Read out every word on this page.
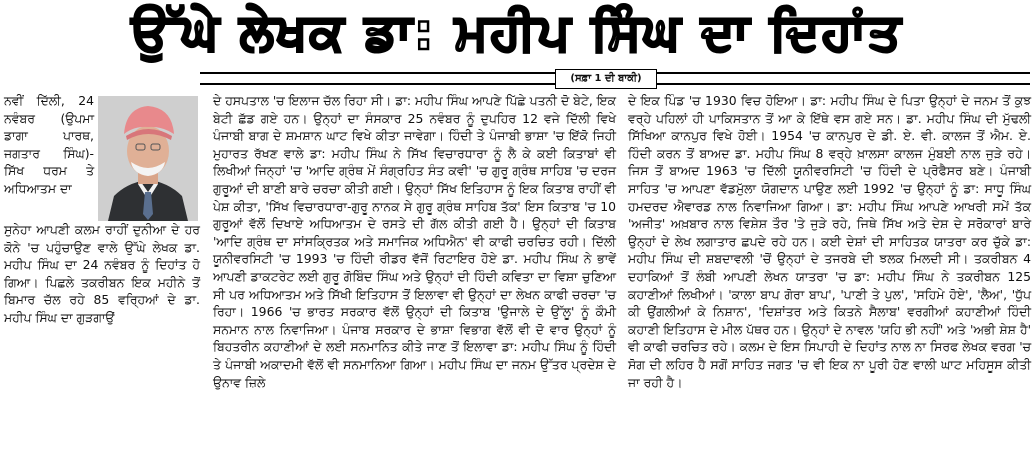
ਉੱਘੇ ਲੇਖਕ ਡਾ: ਮਹੀਪ ਸਿੰਘ ਦਾ ਦਿਹਾਂਤ
(ਸਫ਼ਾ 1 ਦੀ ਬਾਕੀ)

ਨਵੀਂ ਦਿੱਲੀ, 24 ਨਵੰਬਰ (ਉਪਮਾ ਡਾਗਾ ਪਾਰਥ, ਜਗਤਾਰ ਸਿੰਘ)-ਸਿੱਖ ਧਰਮ ਤੇ ਅਧਿਆਤਮ ਦਾ

ਸੁਨੇਹਾ ਆਪਣੀ ਕਲਮ ਰਾਹੀਂ ਦੁਨੀਆ ਦੇ ਹਰ ਕੋਨੇ 'ਚ ਪਹੁੰਚਾਉਣ ਵਾਲੇ ਉੱਘੇ ਲੇਖਕ ਡਾ. ਮਹੀਪ ਸਿੰਘ ਦਾ 24 ਨਵੰਬਰ ਨੂੰ ਦਿਹਾਂਤ ਹੋ ਗਿਆ। ਪਿਛਲੇ ਤਕਰੀਬਨ ਇਕ ਮਹੀਨੇ ਤੋਂ ਬਿਮਾਰ ਚੱਲ ਰਹੇ 85 ਵਰ੍ਹਿਆਂ ਦੇ ਡਾ. ਮਹੀਪ ਸਿੰਘ ਦਾ ਗੁੜਗਾਉਂ

ਦੇ ਹਸਪਤਾਲ 'ਚ ਇਲਾਜ ਚੱਲ ਰਿਹਾ ਸੀ। ਡਾ: ਮਹੀਪ ਸਿੰਘ ਆਪਣੇ ਪਿੱਛੇ ਪਤਨੀ ਦੋ ਬੇਟੇ, ਇਕ ਬੇਟੀ ਛੱਡ ਗਏ ਹਨ। ਉਨ੍ਹਾਂ ਦਾ ਸੰਸਕਾਰ 25 ਨਵੰਬਰ ਨੂੰ ਦੁਪਹਿਰ 12 ਵਜੇ ਦਿੱਲੀ ਵਿਖੇ ਪੰਜਾਬੀ ਬਾਗ ਦੇ ਸ਼ਮਸ਼ਾਨ ਘਾਟ ਵਿਖੇ ਕੀਤਾ ਜਾਵੇਗਾ। ਹਿੰਦੀ ਤੇ ਪੰਜਾਬੀ ਭਾਸ਼ਾ 'ਚ ਇੱਕੋ ਜਿਹੀ ਮੁਹਾਰਤ ਰੱਖਣ ਵਾਲੇ ਡਾ: ਮਹੀਪ ਸਿੰਘ ਨੇ ਸਿੱਖ ਵਿਚਾਰਧਾਰਾ ਨੂੰ ਲੈ ਕੇ ਕਈ ਕਿਤਾਬਾਂ ਵੀ ਲਿਖੀਆਂ ਜਿਨ੍ਹਾਂ 'ਚ 'ਆਦਿ ਗ੍ਰੰਥ ਮੇਂ ਸੰਗ੍ਰਹਿਤ ਸੰਤ ਕਵੀ' 'ਚ ਗੁਰੂ ਗ੍ਰੰਥ ਸਾਹਿਬ 'ਚ ਦਰਜ ਗੁਰੂਆਂ ਦੀ ਬਾਣੀ ਬਾਰੇ ਚਰਚਾ ਕੀਤੀ ਗਈ। ਉਨ੍ਹਾਂ ਸਿੱਖ ਇਤਿਹਾਸ ਨੂੰ ਇਕ ਕਿਤਾਬ ਰਾਹੀਂ ਵੀ ਪੇਸ਼ ਕੀਤਾ, 'ਸਿੱਖ ਵਿਚਾਰਧਾਰਾ-ਗੁਰੂ ਨਾਨਕ ਸੇ ਗੁਰੂ ਗ੍ਰੰਥ ਸਾਹਿਬ ਤੱਕ' ਇਸ ਕਿਤਾਬ 'ਚ 10 ਗੁਰੂਆਂ ਵੱਲੋਂ ਦਿਖਾਏ ਅਧਿਆਤਮ ਦੇ ਰਸਤੇ ਦੀ ਗੱਲ ਕੀਤੀ ਗਈ ਹੈ। ਉਨ੍ਹਾਂ ਦੀ ਕਿਤਾਬ 'ਆਦਿ ਗ੍ਰੰਥ ਦਾ ਸਾਂਸਕ੍ਰਿਤਕ ਅਤੇ ਸਮਾਜਿਕ ਅਧਿਐਨ' ਵੀ ਕਾਫੀ ਚਰਚਿਤ ਰਹੀ। ਦਿੱਲੀ ਯੂਨੀਵਰਸਿਟੀ 'ਚ 1993 'ਚ ਹਿੰਦੀ ਰੀਡਰ ਵੱਜੋਂ ਰਿਟਾਇਰ ਹੋਏ ਡਾ. ਮਹੀਪ ਸਿੰਘ ਨੇ ਭਾਵੇਂ ਆਪਣੀ ਡਾਕਟਰੇਟ ਲਈ ਗੁਰੂ ਗੋਬਿੰਦ ਸਿੰਘ ਅਤੇ ਉਨ੍ਹਾਂ ਦੀ ਹਿੰਦੀ ਕਵਿਤਾ ਦਾ ਵਿਸ਼ਾ ਚੁਣਿਆ ਸੀ ਪਰ ਅਧਿਆਤਮ ਅਤੇ ਸਿੱਖੀ ਇਤਿਹਾਸ ਤੋਂ ਇਲਾਵਾ ਵੀ ਉਨ੍ਹਾਂ ਦਾ ਲੇਖਨ ਕਾਫੀ ਚਰਚਾ 'ਚ ਰਿਹਾ। 1966 'ਚ ਭਾਰਤ ਸਰਕਾਰ ਵੱਲੋਂ ਉਨ੍ਹਾਂ ਦੀ ਕਿਤਾਬ 'ਉਜਾਲੇ ਦੇ ਉੱਲੂ' ਨੂੰ ਕੌਮੀ ਸਨਮਾਨ ਨਾਲ ਨਿਵਾਜਿਆ। ਪੰਜਾਬ ਸਰਕਾਰ ਦੇ ਭਾਸ਼ਾ ਵਿਭਾਗ ਵੱਲੋਂ ਵੀ ਦੋ ਵਾਰ ਉਨ੍ਹਾਂ ਨੂੰ ਬਿਹਤਰੀਨ ਕਹਾਣੀਆਂ ਦੇ ਲਈ ਸਨਮਾਨਿਤ ਕੀਤੇ ਜਾਣ ਤੋਂ ਇਲਾਵਾ ਡਾ: ਮਹੀਪ ਸਿੰਘ ਨੂੰ ਹਿੰਦੀ ਤੇ ਪੰਜਾਬੀ ਅਕਾਦਮੀ ਵੱਲੋਂ ਵੀ ਸਨਮਾਨਿਆ ਗਿਆ। ਮਹੀਪ ਸਿੰਘ ਦਾ ਜਨਮ ਉੱਤਰ ਪ੍ਰਦੇਸ਼ ਦੇ ਉਨਾਵ ਜ਼ਿਲੇ

ਦੇ ਇਕ ਪਿੰਡ 'ਚ 1930 ਵਿਚ ਹੋਇਆ। ਡਾ: ਮਹੀਪ ਸਿੰਘ ਦੇ ਪਿਤਾ ਉਨ੍ਹਾਂ ਦੇ ਜਨਮ ਤੋਂ ਕੁਝ ਵਰ੍ਹੇ ਪਹਿਲਾਂ ਹੀ ਪਾਕਿਸਤਾਨ ਤੋਂ ਆ ਕੇ ਇੱਥੇ ਵਸ ਗਏ ਸਨ। ਡਾ. ਮਹੀਪ ਸਿੰਘ ਦੀ ਮੁੱਢਲੀ ਸਿੱਖਿਆ ਕਾਨਪੁਰ ਵਿਖੇ ਹੋਈ। 1954 'ਚ ਕਾਨਪੁਰ ਦੇ ਡੀ. ਏ. ਵੀ. ਕਾਲਜ ਤੋਂ ਐਮ. ਏ. ਹਿੰਦੀ ਕਰਨ ਤੋਂ ਬਾਅਦ ਡਾ. ਮਹੀਪ ਸਿੰਘ 8 ਵਰ੍ਹੇ ਖ਼ਾਲਸਾ ਕਾਲਜ ਮੁੰਬਈ ਨਾਲ ਜੁੜੇ ਰਹੇ। ਜਿਸ ਤੋਂ ਬਾਅਦ 1963 'ਚ ਦਿੱਲੀ ਯੂਨੀਵਰਸਿਟੀ 'ਚ ਹਿੰਦੀ ਦੇ ਪ੍ਰੋਫੈਸਰ ਬਣੇ। ਪੰਜਾਬੀ ਸਾਹਿਤ 'ਚ ਆਪਣਾ ਵੱਡਮੁੱਲਾ ਯੋਗਦਾਨ ਪਾਉਣ ਲਈ 1992 'ਚ ਉਨ੍ਹਾਂ ਨੂੰ ਡਾ: ਸਾਧੂ ਸਿੰਘ ਹਮਦਰਦ ਐਵਾਰਡ ਨਾਲ ਨਿਵਾਜਿਆ ਗਿਆ। ਡਾ: ਮਹੀਪ ਸਿੰਘ ਆਪਣੇ ਆਖਰੀ ਸਮੇਂ ਤੱਕ 'ਅਜੀਤ' ਅਖ਼ਬਾਰ ਨਾਲ ਵਿਸ਼ੇਸ਼ ਤੌਰ 'ਤੇ ਜੁੜੇ ਰਹੇ, ਜਿਥੇ ਸਿੱਖ ਅਤੇ ਦੇਸ਼ ਦੇ ਸਰੋਕਾਰਾਂ ਬਾਰੇ ਉਨ੍ਹਾਂ ਦੇ ਲੇਖ ਲਗਾਤਾਰ ਛਪਦੇ ਰਹੇ ਹਨ। ਕਈ ਦੇਸ਼ਾਂ ਦੀ ਸਾਹਿਤਕ ਯਾਤਰਾ ਕਰ ਚੁੱਕੇ ਡਾ: ਮਹੀਪ ਸਿੰਘ ਦੀ ਸ਼ਬਦਾਵਲੀ 'ਚੋਂ ਉਨ੍ਹਾਂ ਦੇ ਤਜਰਬੇ ਦੀ ਝਲਕ ਮਿਲਦੀ ਸੀ। ਤਕਰੀਬਨ 4 ਦਹਾਕਿਆਂ ਤੋਂ ਲੰਬੀ ਆਪਣੀ ਲੇਖਨ ਯਾਤਰਾ 'ਚ ਡਾ: ਮਹੀਪ ਸਿੰਘ ਨੇ ਤਕਰੀਬਨ 125 ਕਹਾਣੀਆਂ ਲਿਖੀਆਂ। 'ਕਾਲਾ ਬਾਪ ਗੋਰਾ ਬਾਪ', 'ਪਾਣੀ ਤੇ ਪੁਲ', 'ਸਹਿਮੇ ਹੋਏ', 'ਲੈਅ', 'ਧੁੱਪ ਕੀ ਉਂਗਲੀਆਂ ਕੇ ਨਿਸ਼ਾਨ', 'ਦਿਸ਼ਾਂਤਰ ਅਤੇ ਕਿਤਨੇ ਸੈਲਾਬ' ਵਰਗੀਆਂ ਕਹਾਣੀਆਂ ਹਿੰਦੀ ਕਹਾਣੀ ਇਤਿਹਾਸ ਦੇ ਮੀਲ ਪੱਥਰ ਹਨ। ਉਨ੍ਹਾਂ ਦੇ ਨਾਵਲ 'ਯਹਿ ਭੀ ਨਹੀਂ' ਅਤੇ 'ਅਭੀ ਸ਼ੇਸ਼ ਹੈ' ਵੀ ਕਾਫੀ ਚਰਚਿਤ ਰਹੇ। ਕਲਮ ਦੇ ਇਸ ਸਿਪਾਹੀ ਦੇ ਦਿਹਾਂਤ ਨਾਲ ਨਾ ਸਿਰਫ ਲੇਖਕ ਵਰਗ 'ਚ ਸੋਗ ਦੀ ਲਹਿਰ ਹੈ ਸਗੋਂ ਸਾਹਿਤ ਜਗਤ 'ਚ ਵੀ ਇਕ ਨਾ ਪੂਰੀ ਹੋਣ ਵਾਲੀ ਘਾਟ ਮਹਿਸੂਸ ਕੀਤੀ ਜਾ ਰਹੀ ਹੈ।
